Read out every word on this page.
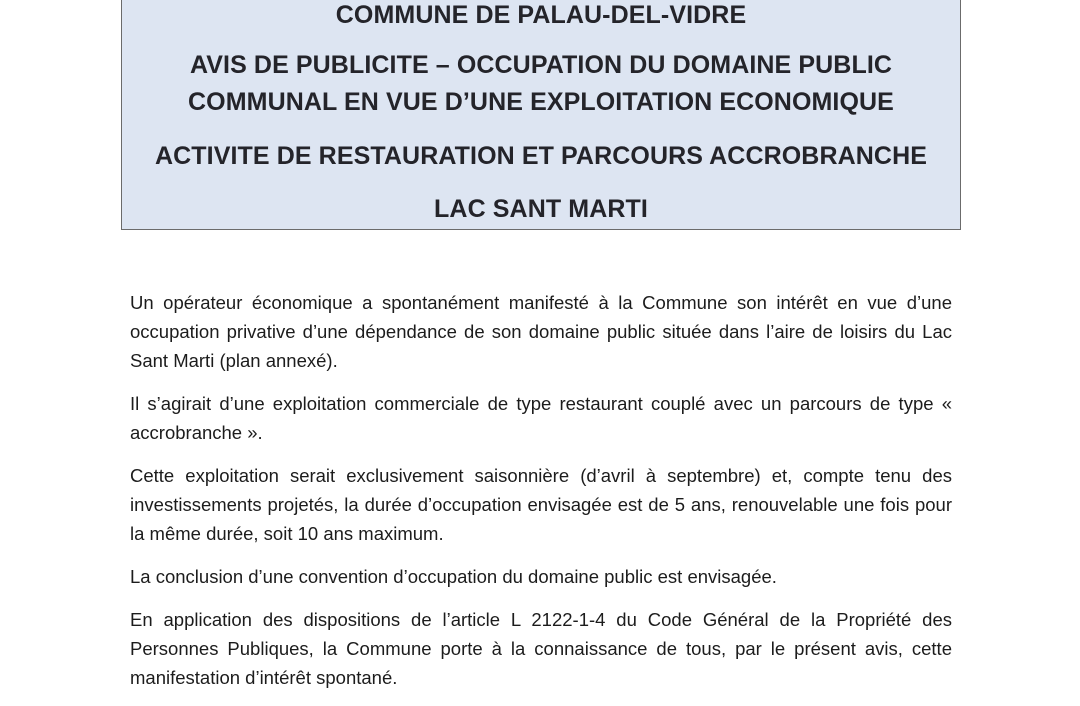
COMMUNE DE PALAU-DEL-VIDRE
AVIS DE PUBLICITE – OCCUPATION DU DOMAINE PUBLIC
COMMUNAL EN VUE D’UNE EXPLOITATION ECONOMIQUE
ACTIVITE DE RESTAURATION ET PARCOURS ACCROBRANCHE
LAC SANT MARTI

Un opérateur économique a spontanément manifesté à la Commune son intérêt en vue d’une occupation privative d’une dépendance de son domaine public située dans l’aire de loisirs du Lac Sant Marti (plan annexé).

Il s’agirait d’une exploitation commerciale de type restaurant couplé avec un parcours de type « accrobranche ».

Cette exploitation serait exclusivement saisonnière (d’avril à septembre) et, compte tenu des investissements projetés, la durée d’occupation envisagée est de 5 ans, renouvelable une fois pour la même durée, soit 10 ans maximum.

La conclusion d’une convention d’occupation du domaine public est envisagée.

En application des dispositions de l’article L 2122-1-4 du Code Général de la Propriété des Personnes Publiques, la Commune porte à la connaissance de tous, par le présent avis, cette manifestation d’intérêt spontané.
